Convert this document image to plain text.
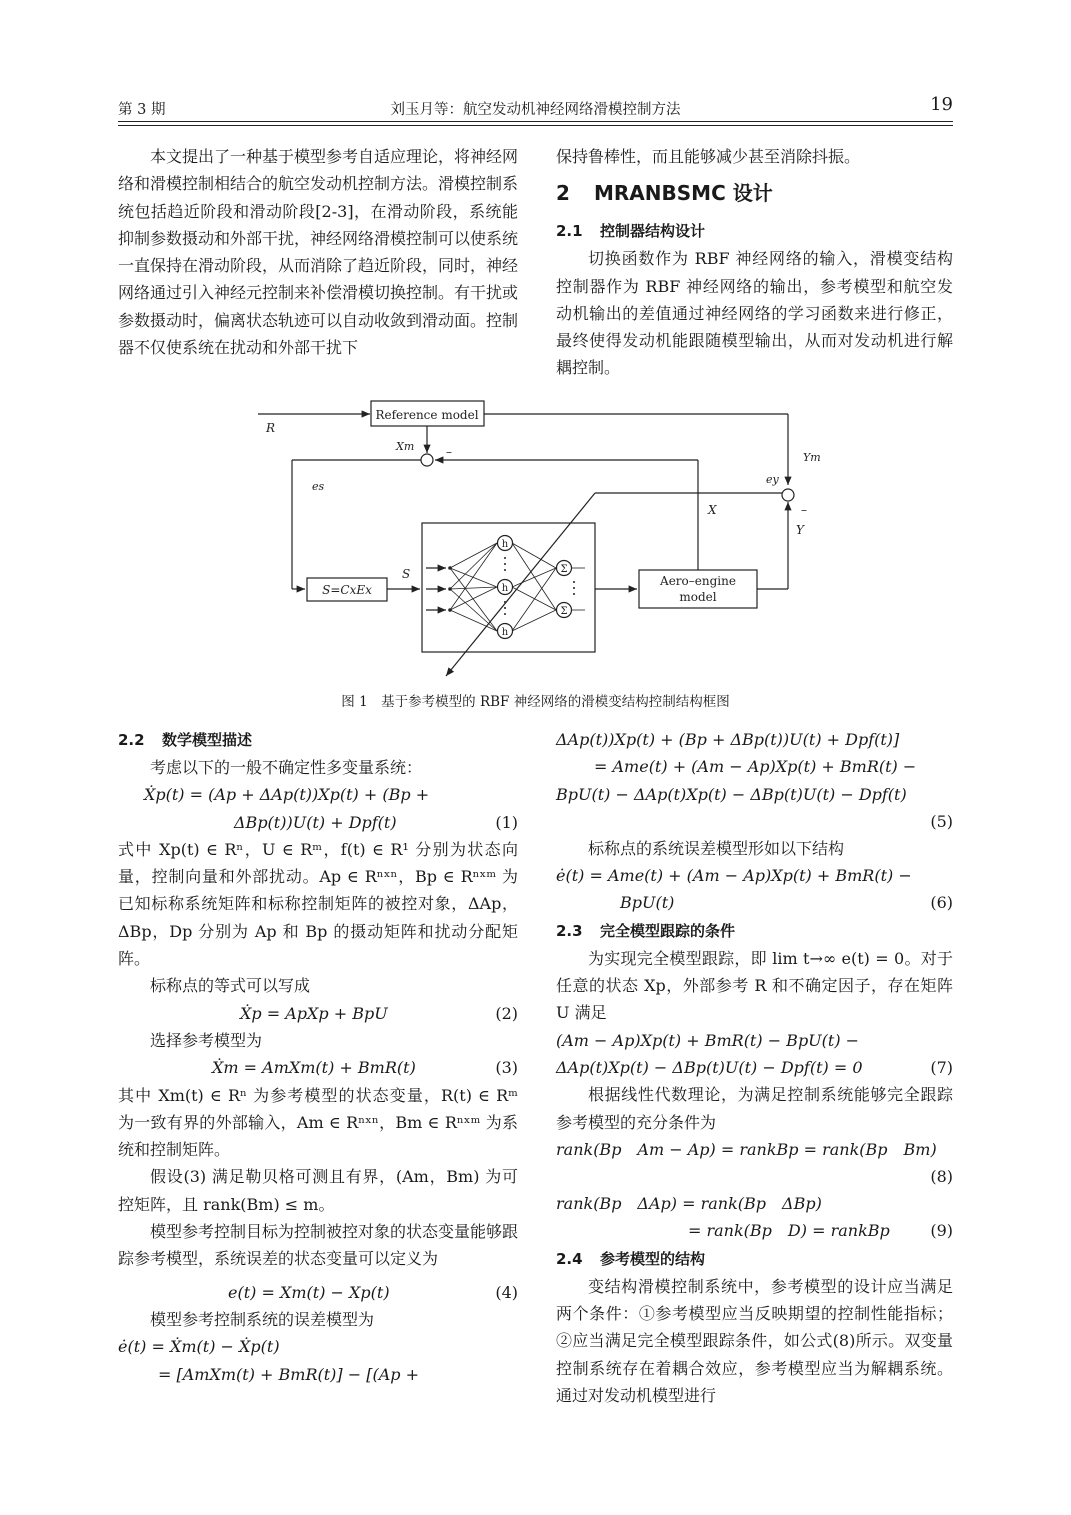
第 3 期	刘玉月等：航空发动机神经网络滑模控制方法	19

本文提出了一种基于模型参考自适应理论，将神经网络和滑模控制相结合的航空发动机控制方法。滑模控制系统包括趋近阶段和滑动阶段[2-3]，在滑动阶段，系统能抑制参数摄动和外部干扰，神经网络滑模控制可以使系统一直保持在滑动阶段，从而消除了趋近阶段，同时，神经网络通过引入神经元控制来补偿滑模切换控制。有干扰或参数摄动时，偏离状态轨迹可以自动收敛到滑动面。控制器不仅使系统在扰动和外部干扰下

保持鲁棒性，而且能够减少甚至消除抖振。

2 MRANBSMC 设计
2.1 控制器结构设计

切换函数作为 RBF 神经网络的输入，滑模变结构控制器作为 RBF 神经网络的输出，参考模型和航空发动机输出的差值通过神经网络的学习函数来进行修正，最终使得发动机能跟随模型输出，从而对发动机进行解耦控制。

Reference model
R
Xm	–	Ym
es
ey
X	–
Y
S
S=CxEx
Aero–engine
model
h
h
h
Σ
Σ
图 1　基于参考模型的 RBF 神经网络的滑模变结构控制结构框图
2.2 数学模型描述

考虑以下的一般不确定性多变量系统：

Ẋp(t) = (Ap + ΔAp(t))Xp(t) + (Bp +
ΔBp(t))U(t) + Dpf(t)	(1)

式中 Xp(t) ∈ Rⁿ，U ∈ Rᵐ，f(t) ∈ R¹ 分别为状态向量，控制向量和外部扰动。Ap ∈ Rⁿˣⁿ，Bp ∈ Rⁿˣᵐ 为已知标称系统矩阵和标称控制矩阵的被控对象，ΔAp，ΔBp，Dp 分别为 Ap 和 Bp 的摄动矩阵和扰动分配矩阵。

标称点的等式可以写成

Ẋp = ApXp + BpU	(2)

选择参考模型为

Ẋm = AmXm(t) + BmR(t)	(3)

其中 Xm(t) ∈ Rⁿ 为参考模型的状态变量，R(t) ∈ Rᵐ 为一致有界的外部输入，Am ∈ Rⁿˣⁿ，Bm ∈ Rⁿˣᵐ 为系统和控制矩阵。

假设(3) 满足勒贝格可测且有界，(Am，Bm) 为可控矩阵，且 rank(Bm) ≤ m。

模型参考控制目标为控制被控对象的状态变量能够跟踪参考模型，系统误差的状态变量可以定义为

e(t) = Xm(t) − Xp(t)	(4)

模型参考控制系统的误差模型为

ė(t) = Ẋm(t) − Ẋp(t)
= [AmXm(t) + BmR(t)] − [(Ap +
ΔAp(t))Xp(t) + (Bp + ΔBp(t))U(t) + Dpf(t)]
= Ame(t) + (Am − Ap)Xp(t) + BmR(t) −
BpU(t) − ΔAp(t)Xp(t) − ΔBp(t)U(t) − Dpf(t)
(5)

标称点的系统误差模型形如以下结构

ė(t) = Ame(t) + (Am − Ap)Xp(t) + BmR(t) −
BpU(t)	(6)
2.3 完全模型跟踪的条件

为实现完全模型跟踪，即 lim t→∞ e(t) = 0。对于任意的状态 Xp，外部参考 R 和不确定因子，存在矩阵 U 满足

(Am − Ap)Xp(t) + BmR(t) − BpU(t) −
ΔAp(t)Xp(t) − ΔBp(t)U(t) − Dpf(t) = 0	(7)

根据线性代数理论，为满足控制系统能够完全跟踪参考模型的充分条件为

rank(Bp　Am − Ap) = rankBp = rank(Bp　Bm)
(8)
rank(Bp　ΔAp) = rank(Bp　ΔBp)
= rank(Bp　D) = rankBp	(9)
2.4 参考模型的结构

变结构滑模控制系统中，参考模型的设计应当满足两个条件：①参考模型应当反映期望的控制性能指标；②应当满足完全模型跟踪条件，如公式(8)所示。双变量控制系统存在着耦合效应，参考模型应当为解耦系统。通过对发动机模型进行
